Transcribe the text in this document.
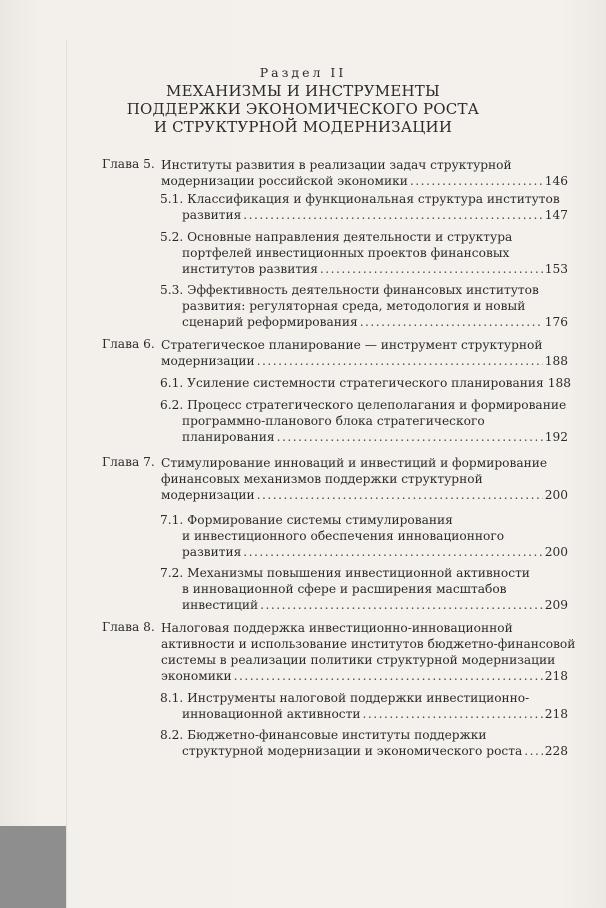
Раздел II
МЕХАНИЗМЫ И ИНСТРУМЕНТЫ
ПОДДЕРЖКИ ЭКОНОМИЧЕСКОГО РОСТА
И СТРУКТУРНОЙ МОДЕРНИЗАЦИИ
Глава 5. Институты развития в реализации задач структурной
модернизации российской экономики .....	146
5.1. Классификация и функциональная структура институтов
развития .....	147
5.2. Основные направления деятельности и структура
портфелей инвестиционных проектов финансовых
институтов развития .....	153
5.3. Эффективность деятельности финансовых институтов
развития: регуляторная среда, методология и новый
сценарий реформирования .....	176
Глава 6. Стратегическое планирование — инструмент структурной
модернизации .....	188
6.1. Усиление системности стратегического планирования 188
6.2. Процесс стратегического целеполагания и формирование
программно-планового блока стратегического
планирования .....	192
Глава 7. Стимулирование инноваций и инвестиций и формирование
финансовых механизмов поддержки структурной
модернизации .....	200
7.1. Формирование системы стимулирования
и инвестиционного обеспечения инновационного
развития .....	200
7.2. Механизмы повышения инвестиционной активности
в инновационной сфере и расширения масштабов
инвестиций .....	209
Глава 8. Налоговая поддержка инвестиционно-инновационной
активности и использование институтов бюджетно-финансовой
системы в реализации политики структурной модернизации
экономики .....	218
8.1. Инструменты налоговой поддержки инвестиционно-
инновационной активности .....	218
8.2. Бюджетно-финансовые институты поддержки
структурной модернизации и экономического роста ..... 228
